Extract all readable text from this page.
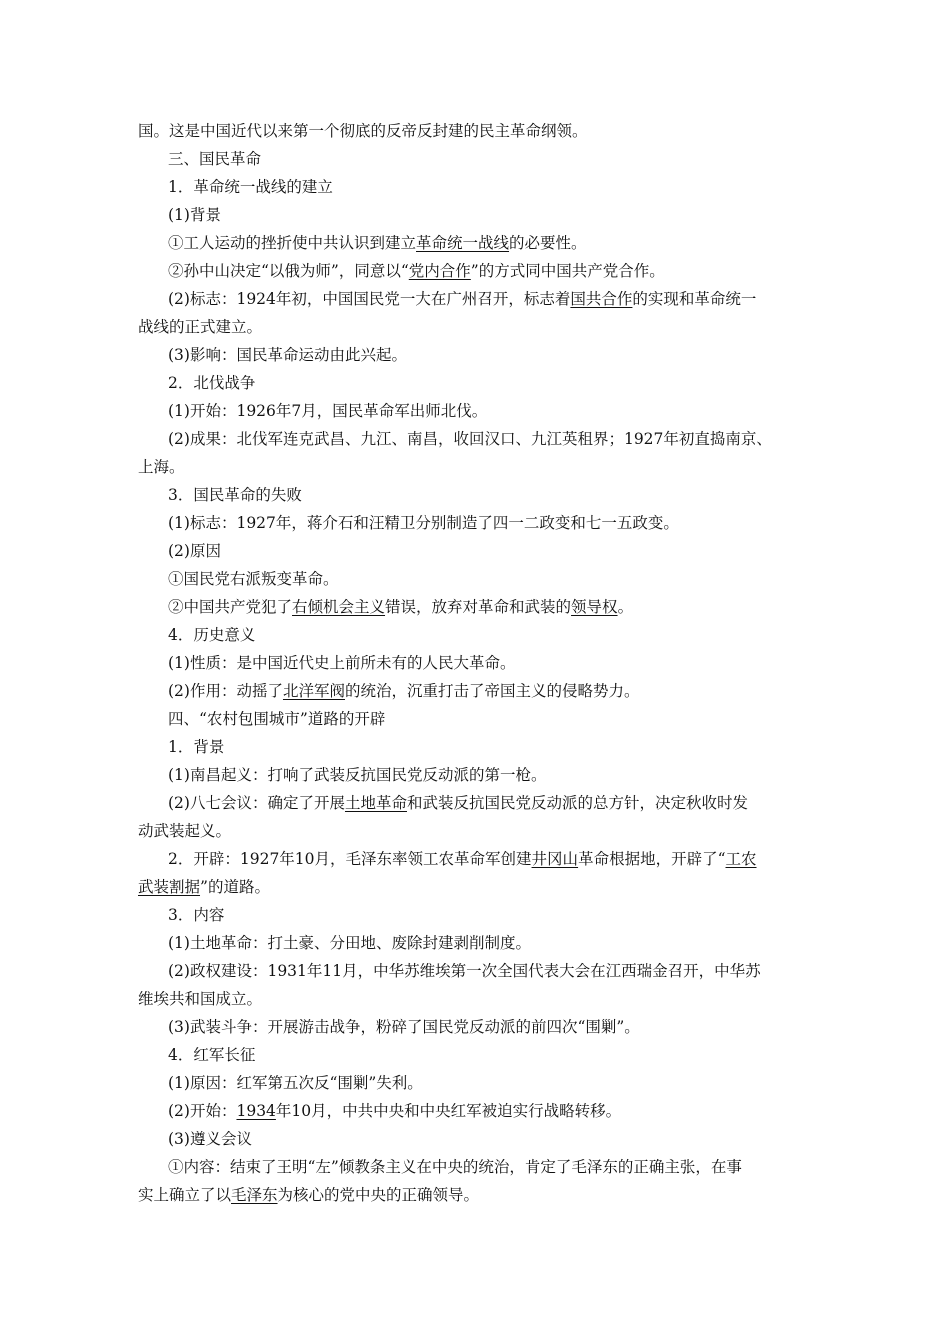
国。这是中国近代以来第一个彻底的反帝反封建的民主革命纲领。
三、国民革命
1．革命统一战线的建立
(1)背景
①工人运动的挫折使中共认识到建立革命统一战线的必要性。
②孙中山决定“以俄为师”，同意以“党内合作”的方式同中国共产党合作。
(2)标志：1924年初，中国国民党一大在广州召开，标志着国共合作的实现和革命统一
战线的正式建立。
(3)影响：国民革命运动由此兴起。
2．北伐战争
(1)开始：1926年7月，国民革命军出师北伐。
(2)成果：北伐军连克武昌、九江、南昌，收回汉口、九江英租界；1927年初直捣南京、
上海。
3．国民革命的失败
(1)标志：1927年，蒋介石和汪精卫分别制造了四一二政变和七一五政变。
(2)原因
①国民党右派叛变革命。
②中国共产党犯了右倾机会主义错误，放弃对革命和武装的领导权。
4．历史意义
(1)性质：是中国近代史上前所未有的人民大革命。
(2)作用：动摇了北洋军阀的统治，沉重打击了帝国主义的侵略势力。
四、“农村包围城市”道路的开辟
1．背景
(1)南昌起义：打响了武装反抗国民党反动派的第一枪。
(2)八七会议：确定了开展土地革命和武装反抗国民党反动派的总方针，决定秋收时发
动武装起义。
2．开辟：1927年10月，毛泽东率领工农革命军创建井冈山革命根据地，开辟了“工农
武装割据”的道路。
3．内容
(1)土地革命：打土豪、分田地、废除封建剥削制度。
(2)政权建设：1931年11月，中华苏维埃第一次全国代表大会在江西瑞金召开，中华苏
维埃共和国成立。
(3)武装斗争：开展游击战争，粉碎了国民党反动派的前四次“围剿”。
4．红军长征
(1)原因：红军第五次反“围剿”失利。
(2)开始：1934年10月，中共中央和中央红军被迫实行战略转移。
(3)遵义会议
①内容：结束了王明“左”倾教条主义在中央的统治，肯定了毛泽东的正确主张，在事
实上确立了以毛泽东为核心的党中央的正确领导。
